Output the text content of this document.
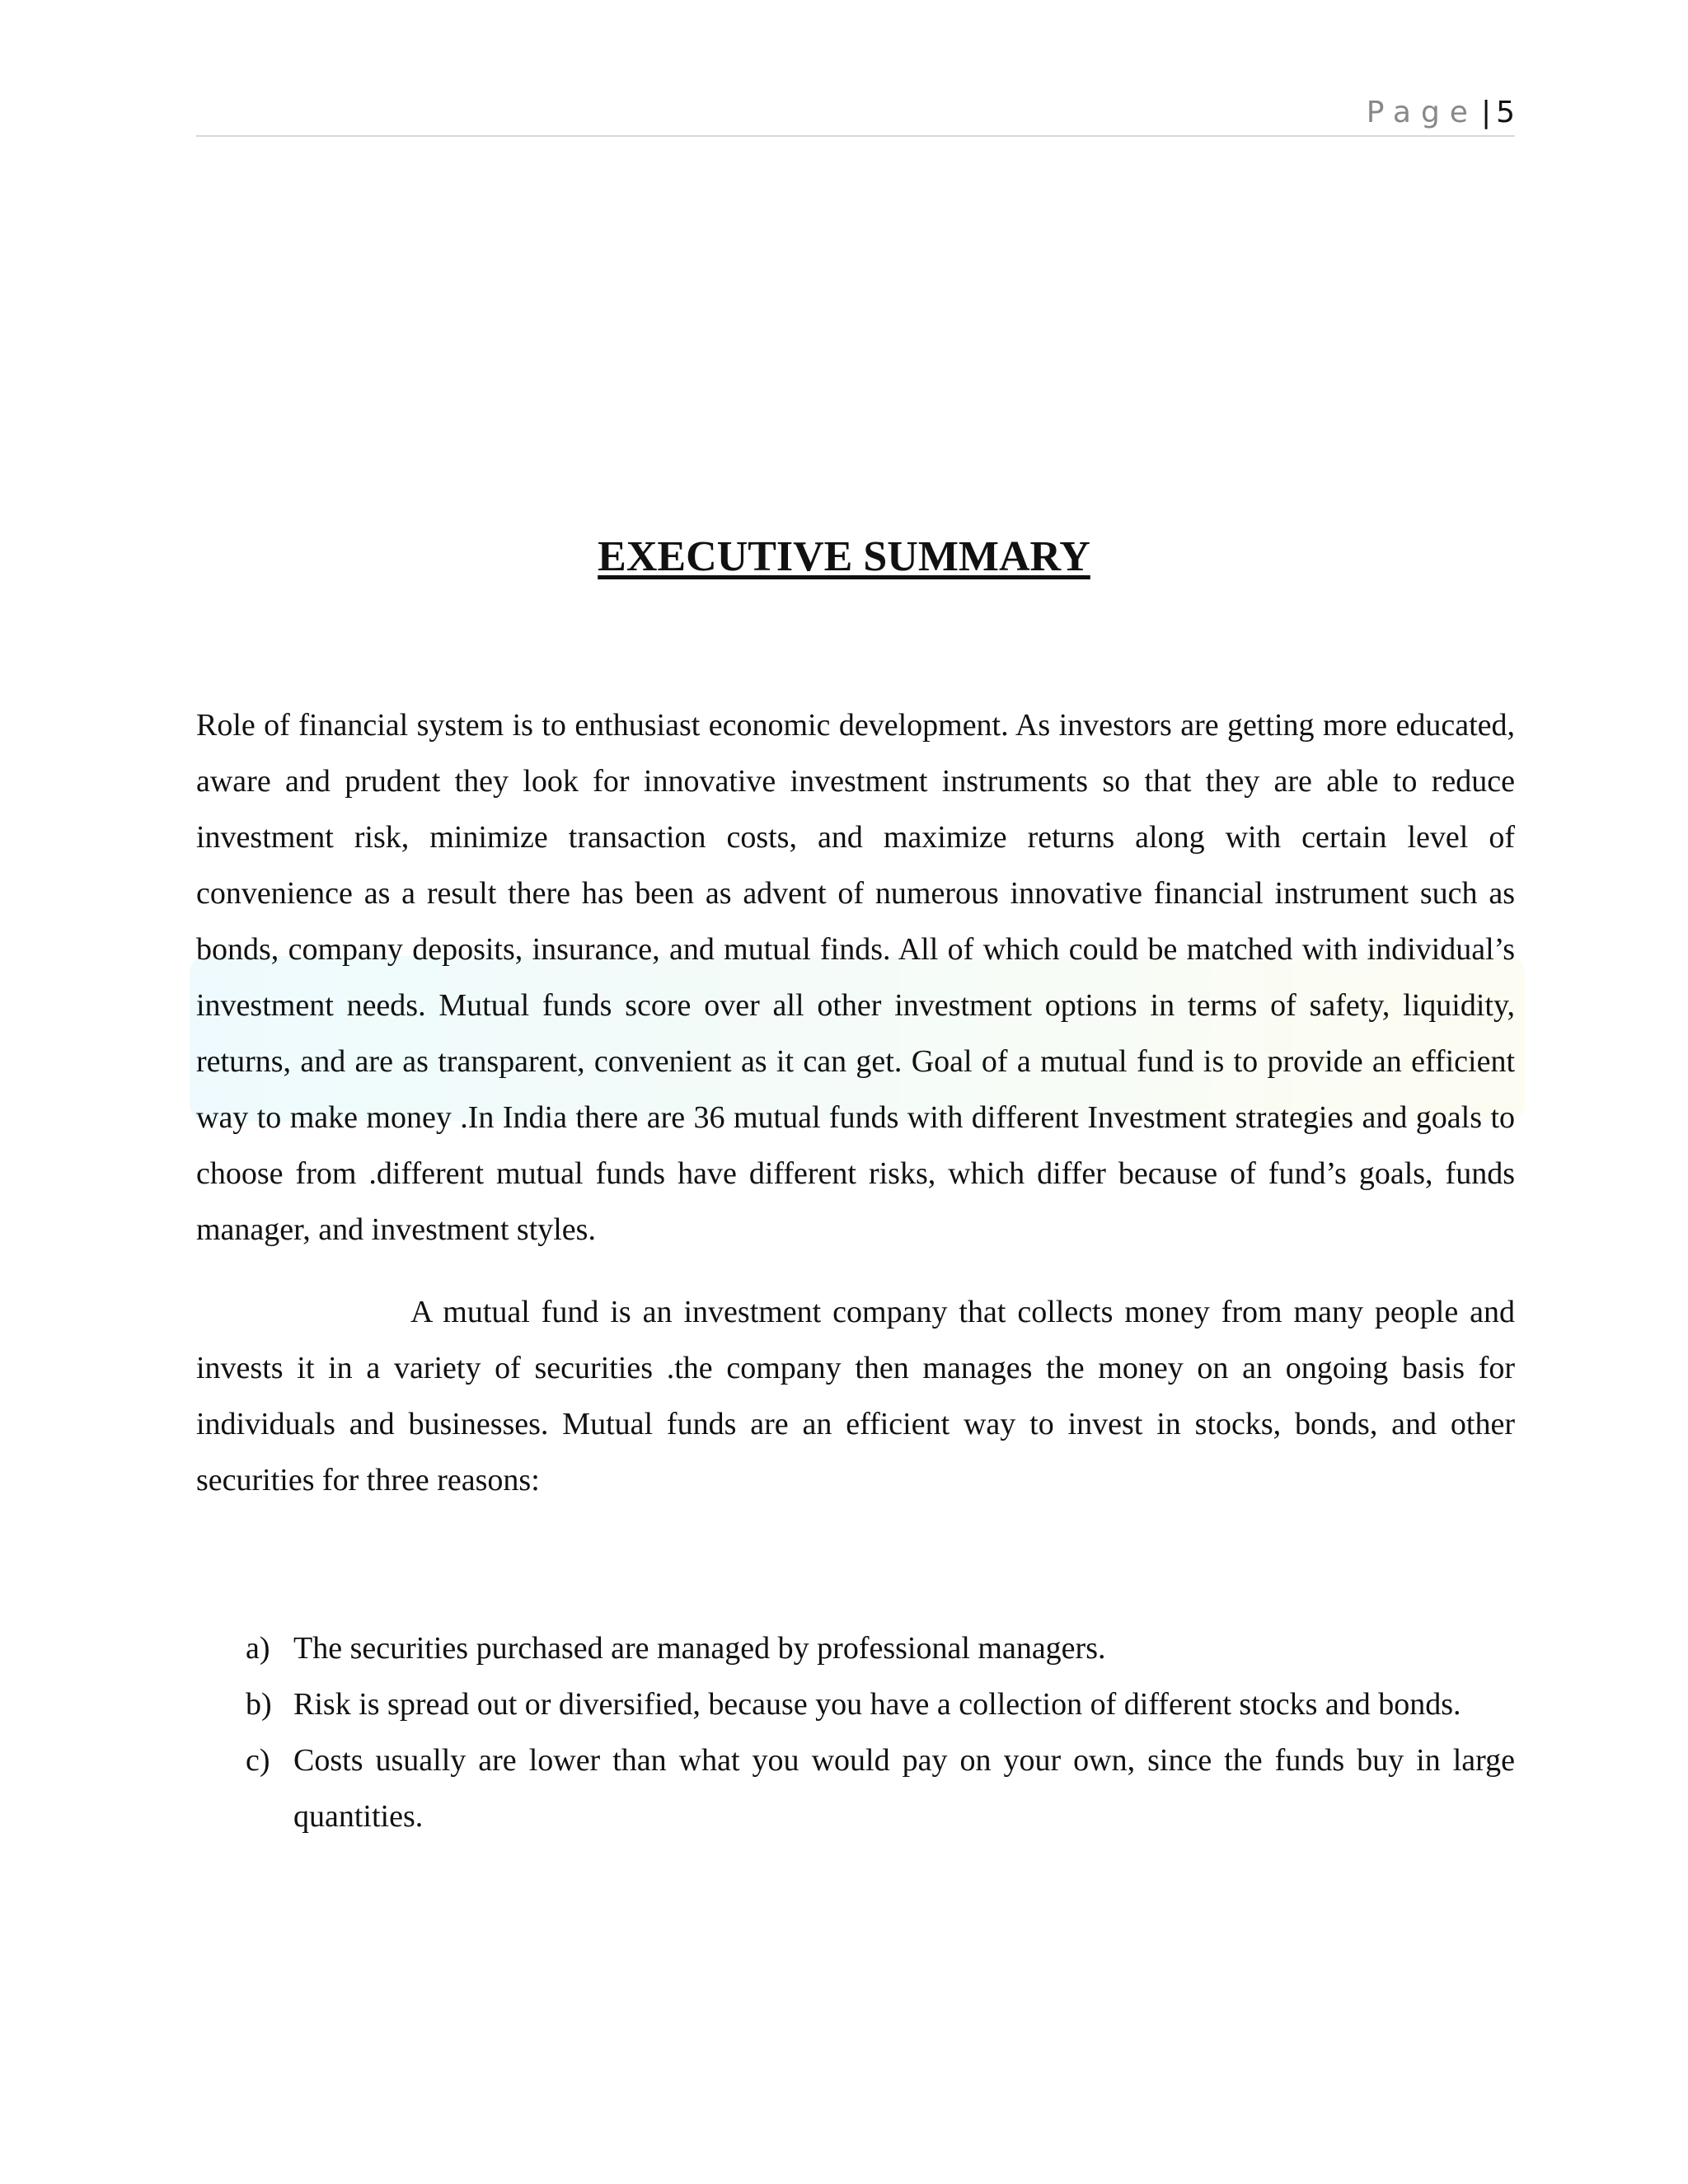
Page | 5
EXECUTIVE SUMMARY

Role of financial system is to enthusiast economic development. As investors are getting more educated, aware and prudent they look for innovative investment instruments so that they are able to reduce investment risk, minimize transaction costs, and maximize returns along with certain level of convenience as a result there has been as advent of numerous innovative financial instrument such as bonds, company deposits, insurance, and mutual finds. All of which could be matched with individual’s investment needs. Mutual funds score over all other investment options in terms of safety, liquidity, returns, and are as transparent, convenient as it can get. Goal of a mutual fund is to provide an efficient way to make money .In India there are 36 mutual funds with different Investment strategies and goals to choose from .different mutual funds have different risks, which differ because of fund’s goals, funds manager, and investment styles.

A mutual fund is an investment company that collects money from many people and invests it in a variety of securities .the company then manages the money on an ongoing basis for individuals and businesses. Mutual funds are an efficient way to invest in stocks, bonds, and other securities for three reasons:

a) The securities purchased are managed by professional managers.
b) Risk is spread out or diversified, because you have a collection of different stocks and bonds.
c) Costs usually are lower than what you would pay on your own, since the funds buy in large quantities.
